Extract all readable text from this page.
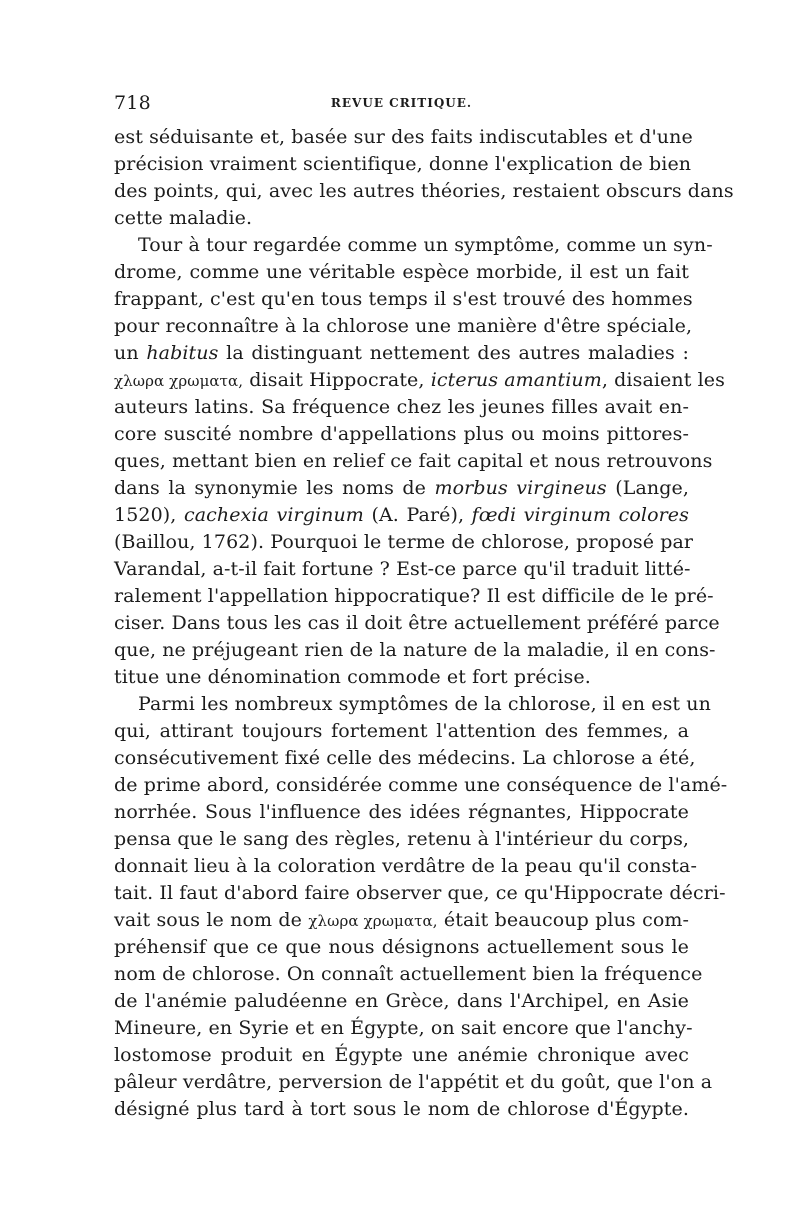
718	REVUE CRITIQUE.
est séduisante et, basée sur des faits indiscutables et d'une
précision vraiment scientifique, donne l'explication de bien
des points, qui, avec les autres théories, restaient obscurs dans
cette maladie.
Tour à tour regardée comme un symptôme, comme un syn-
drome, comme une véritable espèce morbide, il est un fait
frappant, c'est qu'en tous temps il s'est trouvé des hommes
pour reconnaître à la chlorose une manière d'être spéciale,
un habitus la distinguant nettement des autres maladies :
χλωρα χρωματα, disait Hippocrate, icterus amantium, disaient les
auteurs latins. Sa fréquence chez les jeunes filles avait en-
core suscité nombre d'appellations plus ou moins pittores-
ques, mettant bien en relief ce fait capital et nous retrouvons
dans la synonymie les noms de morbus virgineus (Lange,
1520), cachexia virginum (A. Paré), fœdi virginum colores
(Baillou, 1762). Pourquoi le terme de chlorose, proposé par
Varandal, a-t-il fait fortune ? Est-ce parce qu'il traduit litté-
ralement l'appellation hippocratique? Il est difficile de le pré-
ciser. Dans tous les cas il doit être actuellement préféré parce
que, ne préjugeant rien de la nature de la maladie, il en cons-
titue une dénomination commode et fort précise.
Parmi les nombreux symptômes de la chlorose, il en est un
qui, attirant toujours fortement l'attention des femmes, a
consécutivement fixé celle des médecins. La chlorose a été,
de prime abord, considérée comme une conséquence de l'amé-
norrhée. Sous l'influence des idées régnantes, Hippocrate
pensa que le sang des règles, retenu à l'intérieur du corps,
donnait lieu à la coloration verdâtre de la peau qu'il consta-
tait. Il faut d'abord faire observer que, ce qu'Hippocrate décri-
vait sous le nom de χλωρα χρωματα, était beaucoup plus com-
préhensif que ce que nous désignons actuellement sous le
nom de chlorose. On connaît actuellement bien la fréquence
de l'anémie paludéenne en Grèce, dans l'Archipel, en Asie
Mineure, en Syrie et en Égypte, on sait encore que l'anchy-
lostomose produit en Égypte une anémie chronique avec
pâleur verdâtre, perversion de l'appétit et du goût, que l'on a
désigné plus tard à tort sous le nom de chlorose d'Égypte.
